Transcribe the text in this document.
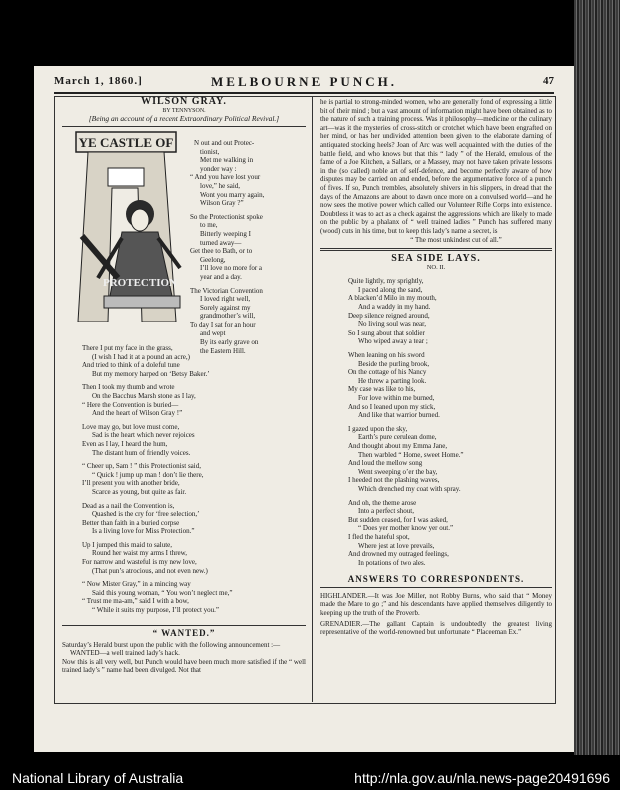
March 1, 1860.]	MELBOURNE PUNCH.	47
YE CASTLE OF
PROTECTION
WILSON GRAY.
BY TENNYSON.
[Being an account of a recent Extraordinary Political Revival.]
N out and out Protec-
tionist,
Met me walking in
yonder way :
“ And you have lost your
love,” he said,
Wont you marry again,
Wilson Gray ?”
So the Protectionist spoke
to me,
Bitterly weeping I
turned away—
Get thee to Bath, or to
Geelong,
I’ll love no more for a
year and a day.
The Victorian Convention
I loved right well,
Sorely against my
grandmother’s will,
To day I sat for an hour
and wept
By its early grave on
the Eastern Hill.
There I put my face in the grass,
(I wish I had it at a pound an acre,)
And tried to think of a doleful tune
But my memory harped on ‘Betsy Baker.’
Then I took my thumb and wrote
On the Bacchus Marsh stone as I lay,
“ Here the Convention is buried—
And the heart of Wilson Gray !”
Love may go, but love must come,
Sad is the heart which never rejoices
Even as I lay, I heard the hum,
The distant hum of friendly voices.
“ Cheer up, Sam ! ” this Protectionist said,
“ Quick ! jump up man ! don’t lie there,
I’ll present you with another bride,
Scarce as young, but quite as fair.
Dead as a nail the Convention is,
Quashed is the cry for ‘free selection,’
Better than faith in a buried corpse
Is a living love for Miss Protection.”
Up I jumped this maid to salute,
Round her waist my arms I threw,
For narrow and wasteful is my new love,
(That pun’s atrocious, and not even new.)
“ Now Mister Gray,” in a mincing way
Said this young woman, “ You won’t neglect me,”
“ Trust me ma-am,” said I with a bow,
“ While it suits my purpose, I’ll protect you.”
“ WANTED.”

Saturday’s Herald burst upon the public with the following announcement :—

WANTED—a well trained lady’s hack.

Now this is all very well, but Punch would have been much more satisfied if the “ well trained lady’s ” name had been divulged. Not that

he is partial to strong-minded women, who are generally fond of expressing a little bit of their mind ; but a vast amount of information might have been obtained as to the nature of such a training process. Was it philosophy—medicine or the culinary art—was it the mysteries of cross-stitch or crotchet which have been engrafted on her mind, or has her undivided attention been given to the elaborate darning of antiquated stocking heels? Joan of Arc was well acquainted with the duties of the battle field, and who knows but that this “ lady ” of the Herald, emulous of the fame of a Joe Kitchen, a Sallars, or a Massey, may not have taken private lessons in the (so called) noble art of self-defence, and become perfectly aware of how disputes may be carried on and ended, before the argumentative force of a punch of fives. If so, Punch trembles, absolutely shivers in his slippers, in dread that the days of the Amazons are about to dawn once more on a convulsed world—and he now sees the motive power which called our Volunteer Rifle Corps into existence. Doubtless it was to act as a check against the aggressions which are likely to made on the public by a phalanx of “ well trained ladies ” Punch has suffered many (wood) cuts in his time, but to keep this lady’s name a secret, is

“ The most unkindest cut of all.”
SEA SIDE LAYS.
NO. II.
Quite lightly, my sprightly,
I paced along the sand,
A blacken’d Milo in my mouth,
And a waddy in my hand.
Deep silence reigned around,
No living soul was near,
So I sung about that soldier
Who wiped away a tear ;
When leaning on his sword
Beside the purling brook,
On the cottage of his Nancy
He threw a parting look.
My case was like to his,
For love within me burned,
And so I leaned upon my stick,
And like that warrior burned.
I gazed upon the sky,
Earth’s pure cerulean dome,
And thought about my Emma Jane,
Then warbled “ Home, sweet Home.”
And loud the mellow song
Went sweeping o’er the bay,
I heeded not the plashing waves,
Which drenched my coat with spray.
And oh, the theme arose
Into a perfect shout,
But sudden ceased, for I was asked,
“ Does yer mother know yer out.”
I fled the hateful spot,
Where jest at love prevails,
And drowned my outraged feelings,
In potations of two ales.
ANSWERS TO CORRESPONDENTS.

HIGHLANDER.—It was Joe Miller, not Robby Burns, who said that “ Money made the Mare to go ;” and his descendants have applied themselves diligently to keeping up the truth of the Proverb.

GRENADIER.—The gallant Captain is undoubtedly the greatest living representative of the world-renowned but unfortunate “ Placeeman Ex.”

National Library of Australia	http://nla.gov.au/nla.news-page20491696
